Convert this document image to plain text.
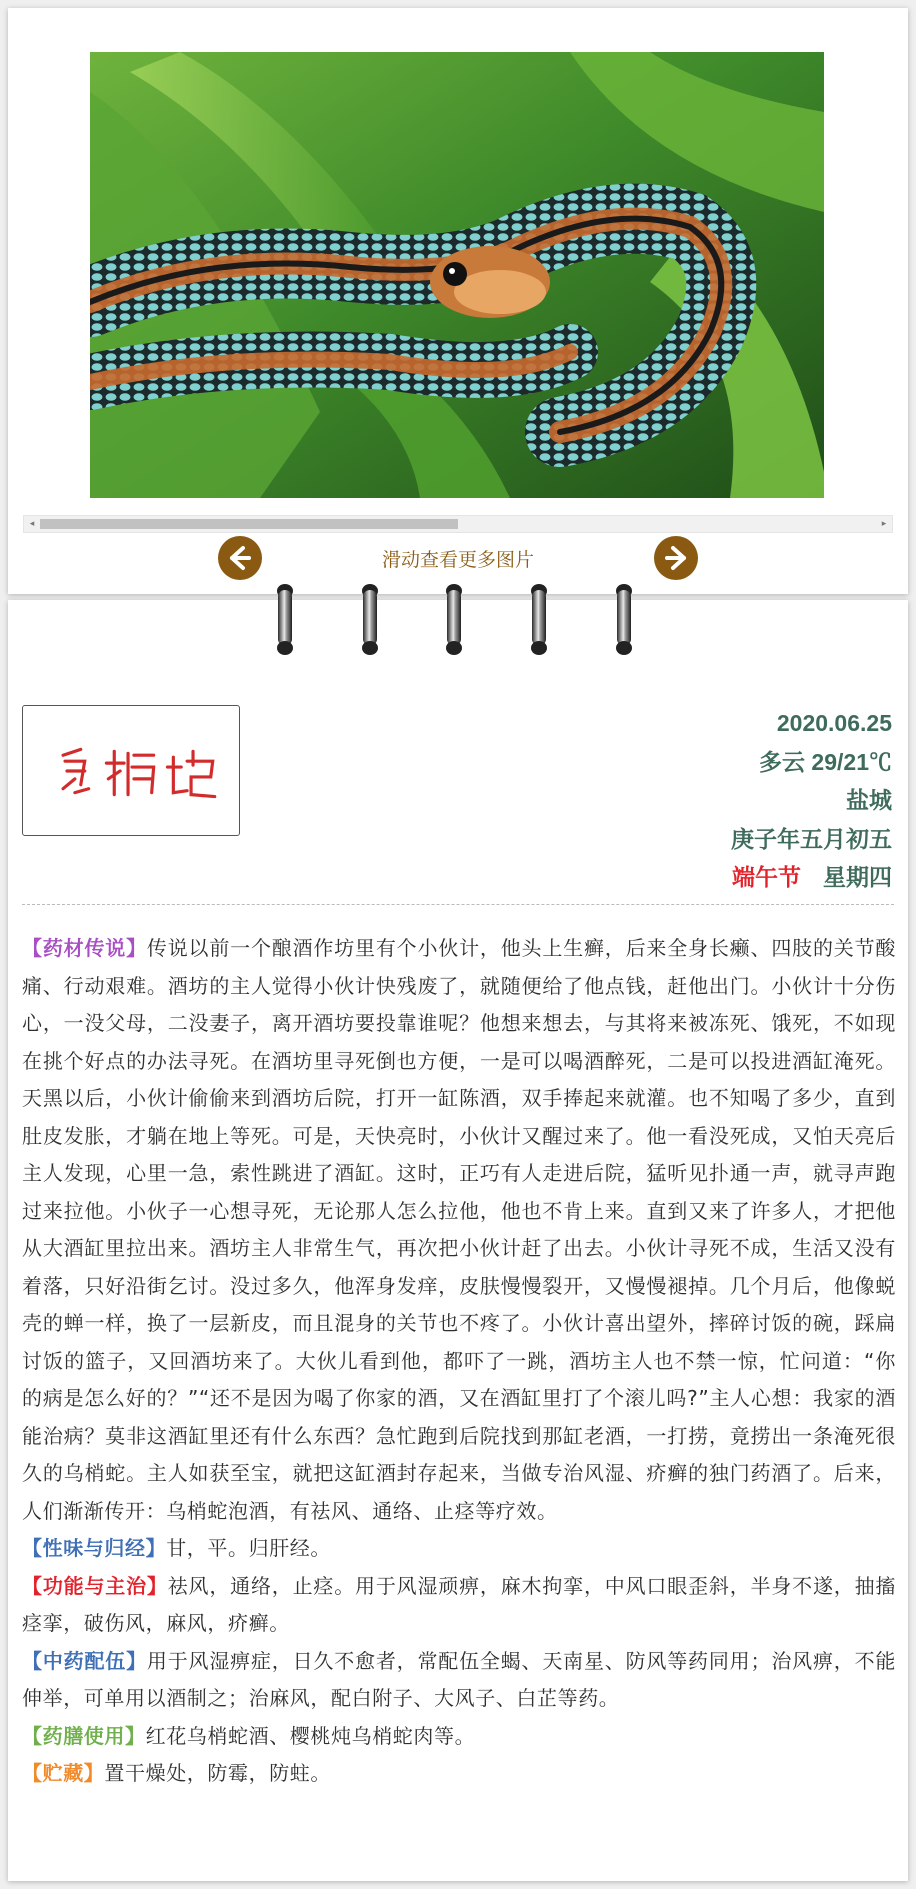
◂	▸
滑动查看更多图片
2020.06.25
多云 29/21℃
盐城
庚子年五月初五
端午节 星期四

【药材传说】传说以前一个酿酒作坊里有个小伙计，他头上生癣，后来全身长癞、四肢的关节酸痛、行动艰难。酒坊的主人觉得小伙计快残废了，就随便给了他点钱，赶他出门。小伙计十分伤心，一没父母，二没妻子，离开酒坊要投靠谁呢？他想来想去，与其将来被冻死、饿死，不如现在挑个好点的办法寻死。在酒坊里寻死倒也方便，一是可以喝酒醉死，二是可以投进酒缸淹死。天黑以后，小伙计偷偷来到酒坊后院，打开一缸陈酒，双手捧起来就灌。也不知喝了多少，直到肚皮发胀，才躺在地上等死。可是，天快亮时，小伙计又醒过来了。他一看没死成，又怕天亮后主人发现，心里一急，索性跳进了酒缸。这时，正巧有人走进后院，猛听见扑通一声，就寻声跑过来拉他。小伙子一心想寻死，无论那人怎么拉他，他也不肯上来。直到又来了许多人，才把他从大酒缸里拉出来。酒坊主人非常生气，再次把小伙计赶了出去。小伙计寻死不成，生活又没有着落，只好沿街乞讨。没过多久，他浑身发痒，皮肤慢慢裂开，又慢慢褪掉。几个月后，他像蜕壳的蝉一样，换了一层新皮，而且混身的关节也不疼了。小伙计喜出望外，摔碎讨饭的碗，踩扁讨饭的篮子，又回酒坊来了。大伙儿看到他，都吓了一跳，酒坊主人也不禁一惊，忙问道：“你的病是怎么好的？”“还不是因为喝了你家的酒，又在酒缸里打了个滚儿吗?”主人心想：我家的酒能治病？莫非这酒缸里还有什么东西？急忙跑到后院找到那缸老酒，一打捞，竟捞出一条淹死很久的乌梢蛇。主人如获至宝，就把这缸酒封存起来，当做专治风湿、疥癣的独门药酒了。后来，人们渐渐传开：乌梢蛇泡酒，有祛风、通络、止痉等疗效。

【性味与归经】甘，平。归肝经。

【功能与主治】祛风，通络，止痉。用于风湿顽痹，麻木拘挛，中风口眼歪斜，半身不遂，抽搐痉挛，破伤风，麻风，疥癣。

【中药配伍】用于风湿痹症，日久不愈者，常配伍全蝎、天南星、防风等药同用；治风痹，不能伸举，可单用以酒制之；治麻风，配白附子、大风子、白芷等药。

【药膳使用】红花乌梢蛇酒、樱桃炖乌梢蛇肉等。

【贮藏】置干燥处，防霉，防蛀。
